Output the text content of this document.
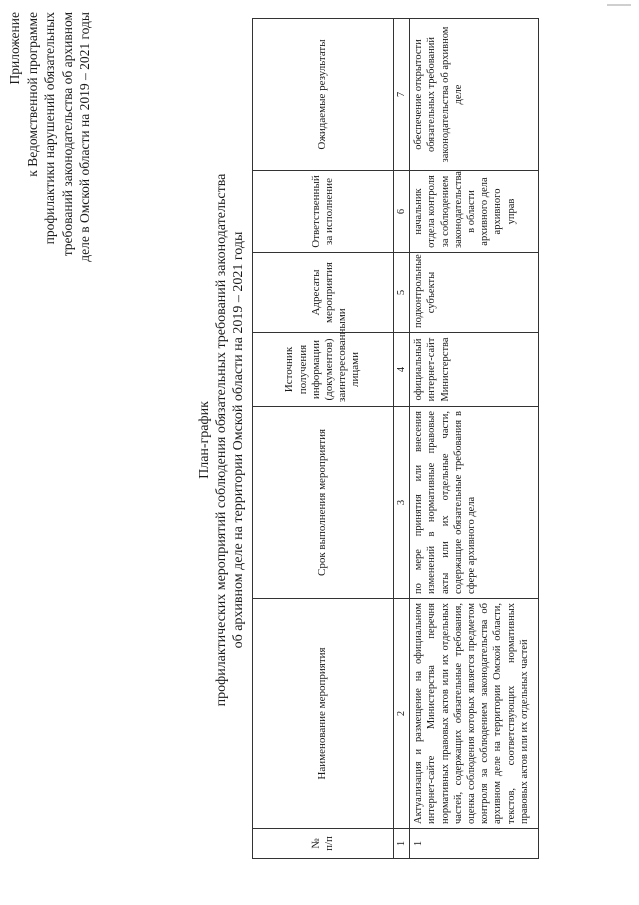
Приложение к Ведомственной программе профилактики нарушений обязательных требований законодательства об архивном деле в Омской области на 2019 – 2021 годы
План-график профилактических мероприятий соблюдения обязательных требований законодательства об архивном деле на территории Омской области на 2019 – 2021 годы
№ п/п	Наименование мероприятия	Срок выполнения мероприятия	Источник получения информации (документов) заинтересованными лицами	Адресаты мероприятия	Ответственный за исполнение	Ожидаемые результаты
1	2	3	4	5	6	7
1	Актуализация и размещение на официальном интернет-сайте Министерства перечня нормативных правовых актов или их отдельных частей, содержащих обязательные требования, оценка соблюдения которых является предметом контроля за соблюдением законодательства об архивном деле на территории Омской области, текстов, соответствующих нормативных правовых актов или их отдельных частей	по мере принятия или внесения изменений в нормативные правовые акты или их отдельные части, содержащие обязательные требования в сфере архивного дела	официальный интернет-сайт Министерства	подконтрольные субъекты	начальник отдела контроля за соблюдением законодательства в области архивного дела архивного управ	обеспечение открытости обязательных требований законодательства об архивном деле
